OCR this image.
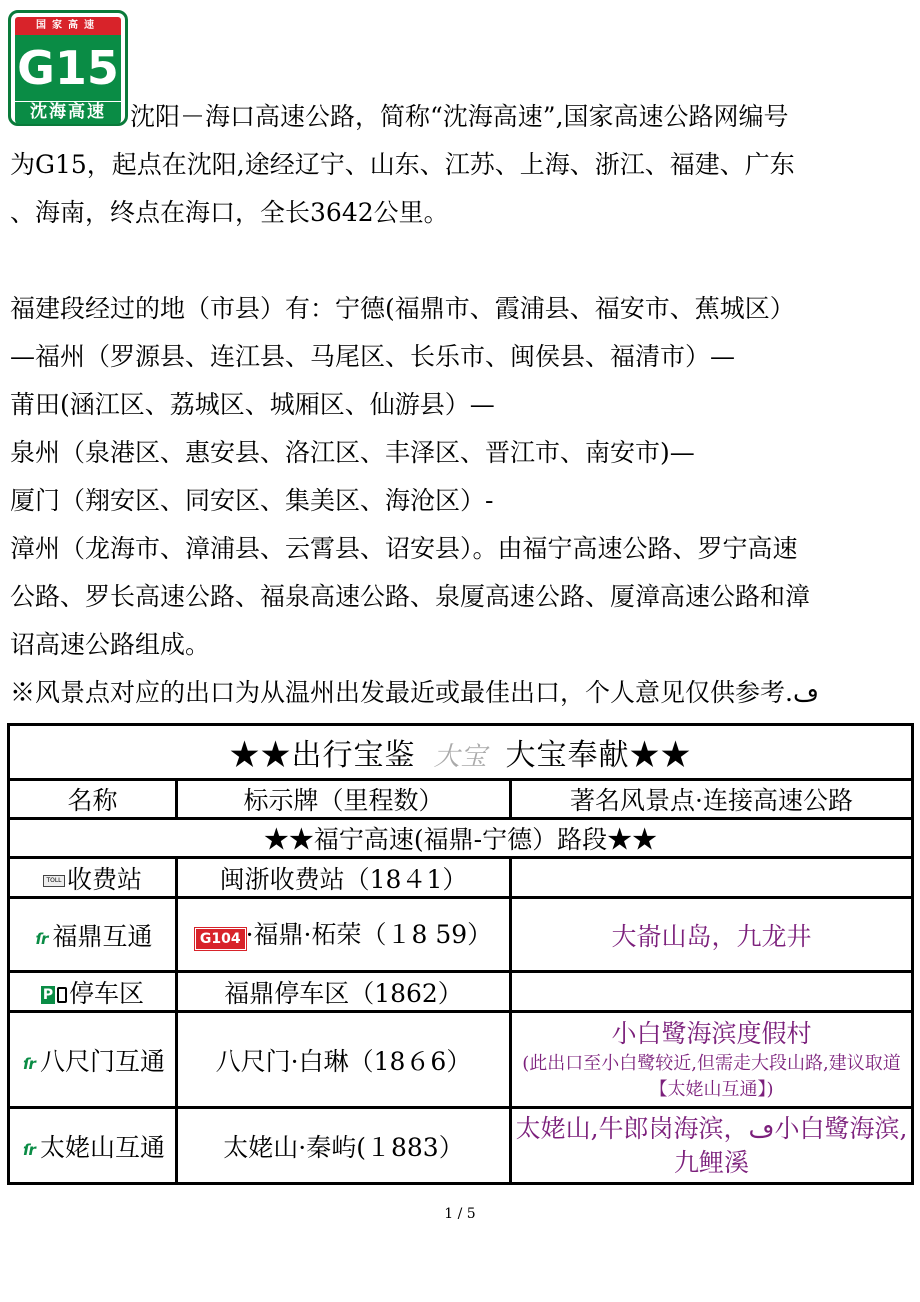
国家高速
G15
沈海高速 沈阳－海口高速公路，简称“沈海高速”,国家高速公路网编号
为G15，起点在沈阳,途经辽宁、山东、江苏、上海、浙江、福建、广东
、海南，终点在海口，全长3642公里。
福建段经过的地（市县）有：宁德(福鼎市、霞浦县、福安市、蕉城区）
—福州（罗源县、连江县、马尾区、长乐市、闽侯县、福清市）—
莆田(涵江区、荔城区、城厢区、仙游县）—
泉州（泉港区、惠安县、洛江区、丰泽区、晋江市、南安市)—
厦门（翔安区、同安区、集美区、海沧区）-
漳州（龙海市、漳浦县、云霄县、诏安县）。由福宁高速公路、罗宁高速
公路、罗长高速公路、福泉高速公路、泉厦高速公路、厦漳高速公路和漳
诏高速公路组成。
※风景点对应的出口为从温州出发最近或最佳出口，个人意见仅供参考.ڡ
★★出行宝鉴 大宝 大宝奉献★★		
名称	标示牌（里程数）	著名风景点·连接高速公路
★★福宁高速(福鼎-宁德）路段★★		
TOLL 收费站	闽浙收费站（18４1）	
ſr 福鼎互通	G104 ·福鼎·柘荣（１8 59）	大嵛山岛，九龙井
P 停车区	福鼎停车区（1862）	
ſr 八尺门互通	八尺门·白琳（18６6）	小白鹭海滨度假村
(此出口至小白鹭较近,但需走大段山路,建议取道【太姥山互通】)

ſr 太姥山互通	太姥山·秦屿(１883）	太姥山,牛郎岗海滨，ڡ小白鹭海滨,九鲤溪
1 / 5
